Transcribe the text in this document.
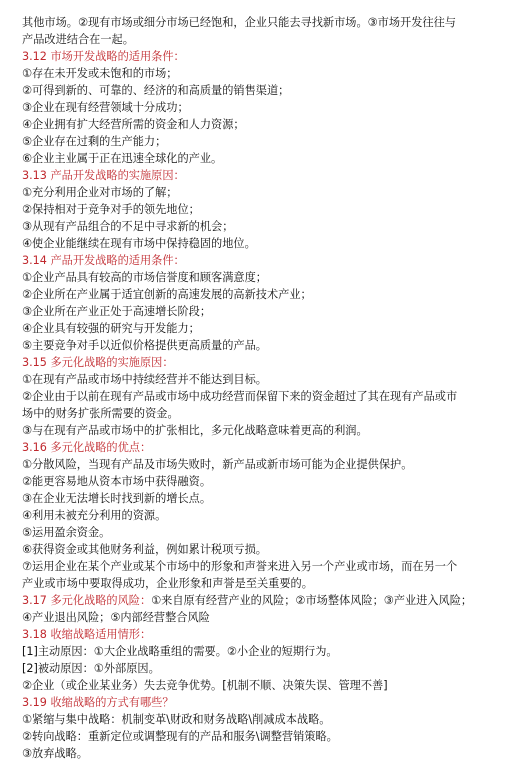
其他市场。②现有市场或细分市场已经饱和，企业只能去寻找新市场。③市场开发往往与
产品改进结合在一起。
3.12 市场开发战略的适用条件：
①存在未开发或未饱和的市场；
②可得到新的、可靠的、经济的和高质量的销售渠道；
③企业在现有经营领域十分成功；
④企业拥有扩大经营所需的资金和人力资源；
⑤企业存在过剩的生产能力；
⑥企业主业属于正在迅速全球化的产业。
3.13 产品开发战略的实施原因：
①充分利用企业对市场的了解；
②保持相对于竞争对手的领先地位；
③从现有产品组合的不足中寻求新的机会；
④使企业能继续在现有市场中保持稳固的地位。
3.14 产品开发战略的适用条件：
①企业产品具有较高的市场信誉度和顾客满意度；
②企业所在产业属于适宜创新的高速发展的高新技术产业；
③企业所在产业正处于高速增长阶段；
④企业具有较强的研究与开发能力；
⑤主要竞争对手以近似价格提供更高质量的产品。
3.15 多元化战略的实施原因：
①在现有产品或市场中持续经营并不能达到目标。
②企业由于以前在现有产品或市场中成功经营而保留下来的资金超过了其在现有产品或市
场中的财务扩张所需要的资金。
③与在现有产品或市场中的扩张相比，多元化战略意味着更高的利润。
3.16 多元化战略的优点：
①分散风险，当现有产品及市场失败时，新产品或新市场可能为企业提供保护。
②能更容易地从资本市场中获得融资。
③在企业无法增长时找到新的增长点。
④利用未被充分利用的资源。
⑤运用盈余资金。
⑥获得资金或其他财务利益，例如累计税项亏损。
⑦运用企业在某个产业或某个市场中的形象和声誉来进入另一个产业或市场，而在另一个
产业或市场中要取得成功，企业形象和声誉是至关重要的。
3.17 多元化战略的风险：①来自原有经营产业的风险；②市场整体风险；③产业进入风险；
④产业退出风险；⑤内部经营整合风险
3.18 收缩战略适用情形：
[1]主动原因：①大企业战略重组的需要。②小企业的短期行为。
[2]被动原因：①外部原因。
②企业（或企业某业务）失去竞争优势。[机制不顺、决策失误、管理不善]
3.19 收缩战略的方式有哪些？
①紧缩与集中战略：机制变革\财政和财务战略\削减成本战略。
②转向战略：重新定位或调整现有的产品和服务\调整营销策略。
③放弃战略。
